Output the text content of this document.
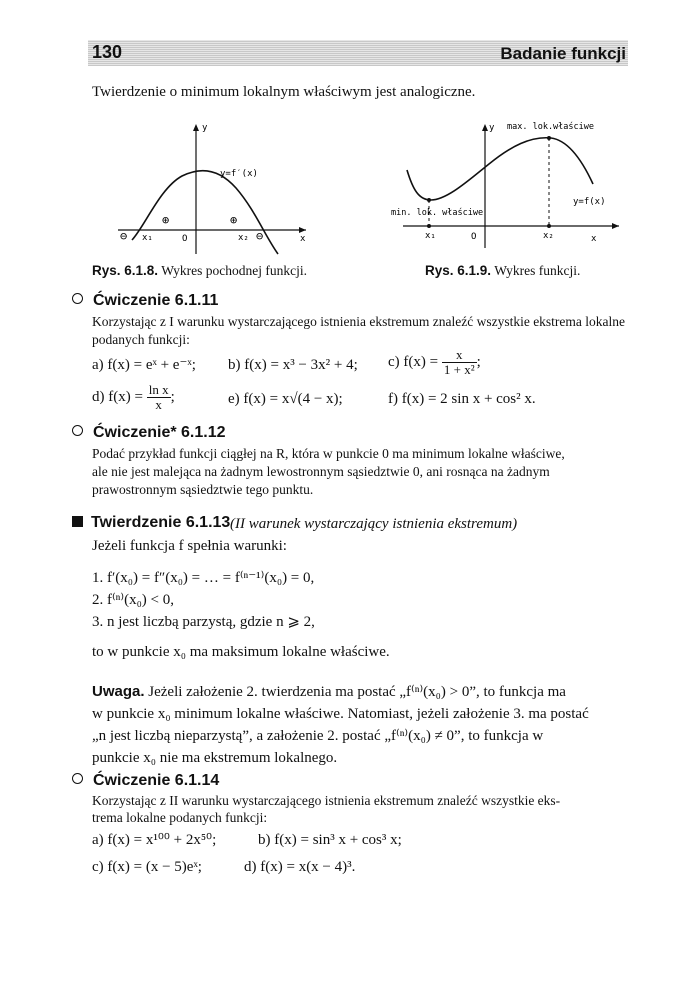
130	Badanie funkcji
Twierdzenie o minimum lokalnym właściwym jest analogiczne.
y
x
y=f′(x)
⊕	⊕
⊖	⊖
x₁	O	x₂
Rys. 6.1.8. Wykres pochodnej funkcji.
y
x
max. lok.właściwe
min. lok. właściwe
y=f(x)
x₁	O	x₂
Rys. 6.1.9. Wykres funkcji.
Ćwiczenie 6.1.11
Korzystając z I warunku wystarczającego istnienia ekstremum znaleźć wszystkie ekstrema lokalne podanych funkcji:
a) f(x) = eˣ + e⁻ˣ; b) f(x) = x³ − 3x² + 4; c) $f(x) = \frac{x}{\text{1 + x²}}$ ;
d) $f(x) = \frac{\text{ln x}}{x}$ ;	e) f(x) = x√(4 − x);	f) f(x) = 2 sin x + cos² x.
Ćwiczenie* 6.1.12
Podać przykład funkcji ciągłej na R, która w punkcie 0 ma minimum lokalne właściwe,
ale nie jest malejąca na żadnym lewostronnym sąsiedztwie 0, ani rosnąca na żadnym
prawostronnym sąsiedztwie tego punktu.
Twierdzenie 6.1.13 (II warunek wystarczający istnienia ekstremum)
Jeżeli funkcja f spełnia warunki:
1. f′(x₀) = f″(x₀) = … = f⁽ⁿ⁻¹⁾(x₀) = 0,
2. f⁽ⁿ⁾(x₀) < 0,
3. n jest liczbą parzystą, gdzie n ⩾ 2,
to w punkcie x₀ ma maksimum lokalne właściwe.
Uwaga. Jeżeli założenie 2. twierdzenia ma postać „f⁽ⁿ⁾(x₀) > 0”, to funkcja ma
w punkcie x₀ minimum lokalne właściwe. Natomiast, jeżeli założenie 3. ma postać
„n jest liczbą nieparzystą”, a założenie 2. postać „f⁽ⁿ⁾(x₀) ≠ 0”, to funkcja w
punkcie x₀ nie ma ekstremum lokalnego.
Ćwiczenie 6.1.14
Korzystając z II warunku wystarczającego istnienia ekstremum znaleźć wszystkie eks-
trema lokalne podanych funkcji:
a) f(x) = x¹⁰⁰ + 2x⁵⁰;	b) f(x) = sin³ x + cos³ x;
c) f(x) = (x − 5)eˣ;	d) f(x) = x(x − 4)³.
